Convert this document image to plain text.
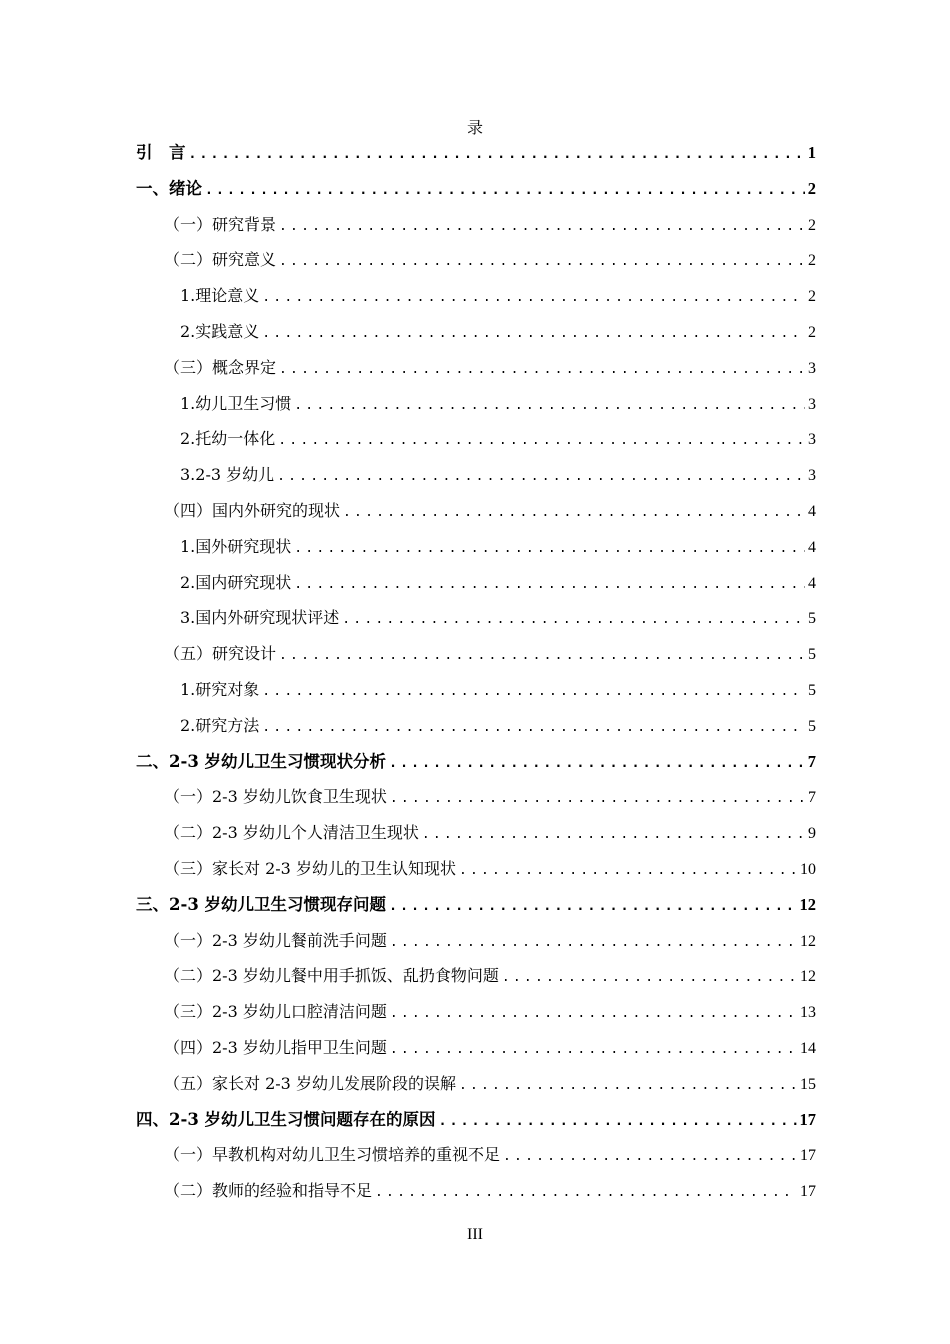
录
引　言 .....	1
一、绪论 .....	2
（一）研究背景 .....	2
（二）研究意义 .....	2
1.理论意义 .....	2
2.实践意义 .....	2
（三）概念界定 .....	3
1.幼儿卫生习惯 .....	3
2.托幼一体化 .....	3
3.2-3 岁幼儿 .....	3
（四）国内外研究的现状 .....	4
1.国外研究现状 .....	4
2.国内研究现状 .....	4
3.国内外研究现状评述 .....	5
（五）研究设计 .....	5
1.研究对象 .....	5
2.研究方法 .....	5
二、2-3 岁幼儿卫生习惯现状分析 .....	7
（一）2-3 岁幼儿饮食卫生现状 .....	7
（二）2-3 岁幼儿个人清洁卫生现状 .....	9
（三）家长对 2-3 岁幼儿的卫生认知现状 .....	10
三、2-3 岁幼儿卫生习惯现存问题 .....	12
（一）2-3 岁幼儿餐前洗手问题 .....	12
（二）2-3 岁幼儿餐中用手抓饭、乱扔食物问题 .....	12
（三）2-3 岁幼儿口腔清洁问题 .....	13
（四）2-3 岁幼儿指甲卫生问题 .....	14
（五）家长对 2-3 岁幼儿发展阶段的误解 .....	15
四、2-3 岁幼儿卫生习惯问题存在的原因 .....	17
（一）早教机构对幼儿卫生习惯培养的重视不足 .....	17
（二）教师的经验和指导不足 .....	17
III
